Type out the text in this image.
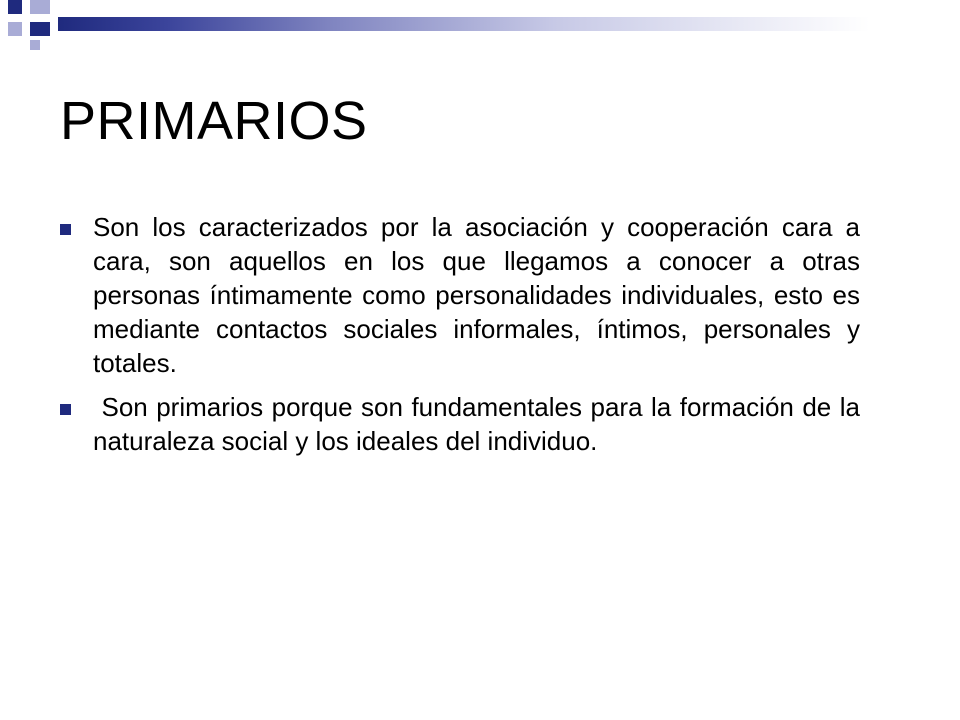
PRIMARIOS
Son los caracterizados por la asociación y cooperación cara a cara, son aquellos en los que llegamos a conocer a otras personas íntimamente como personalidades individuales, esto es mediante contactos sociales informales, íntimos, personales y totales.
Son primarios porque son fundamentales para la formación de la naturaleza social y los ideales del individuo.
